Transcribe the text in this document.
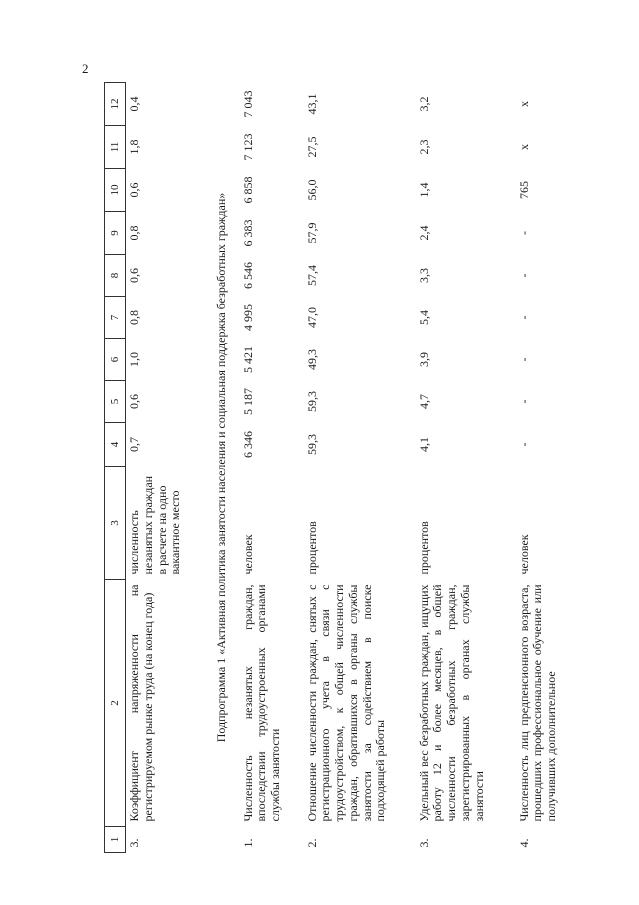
2
1	2	3	4	5	6	7	8	9	10	11	12
3.	Коэффициент напряженности на регистрируемом рынке труда (на конец года)	численность незанятых граждан в расчете на одно вакантное место	0,7	0,6	1,0	0,8	0,6	0,8	0,6	1,8	0,4
Подпрограмма 1 «Активная политика занятости населения и социальная поддержка безработных граждан»											
1.	Численность незанятых граждан, впоследствии трудоустроенных органами службы занятости	человек	6 346	5 187	5 421	4 995	6 546	6 383	6 858	7 123	7 043
2.	Отношение численности граждан, снятых с регистрационного учета в связи с трудоустройством, к общей численности граждан, обратившихся в органы службы занятости за содействием в поиске подходящей работы	процентов	59,3	59,3	49,3	47,0	57,4	57,9	56,0	27,5	43,1
3.	Удельный вес безработных граждан, ищущих работу 12 и более месяцев, в общей численности безработных граждан, зарегистрированных в органах службы занятости	процентов	4,1	4,7	3,9	5,4	3,3	2,4	1,4	2,3	3,2
4.	Численность лиц предпенсионного возраста, прошедших профессиональное обучение или получивших дополнительное	человек	-	-	-	-	-	-	765	х	х
